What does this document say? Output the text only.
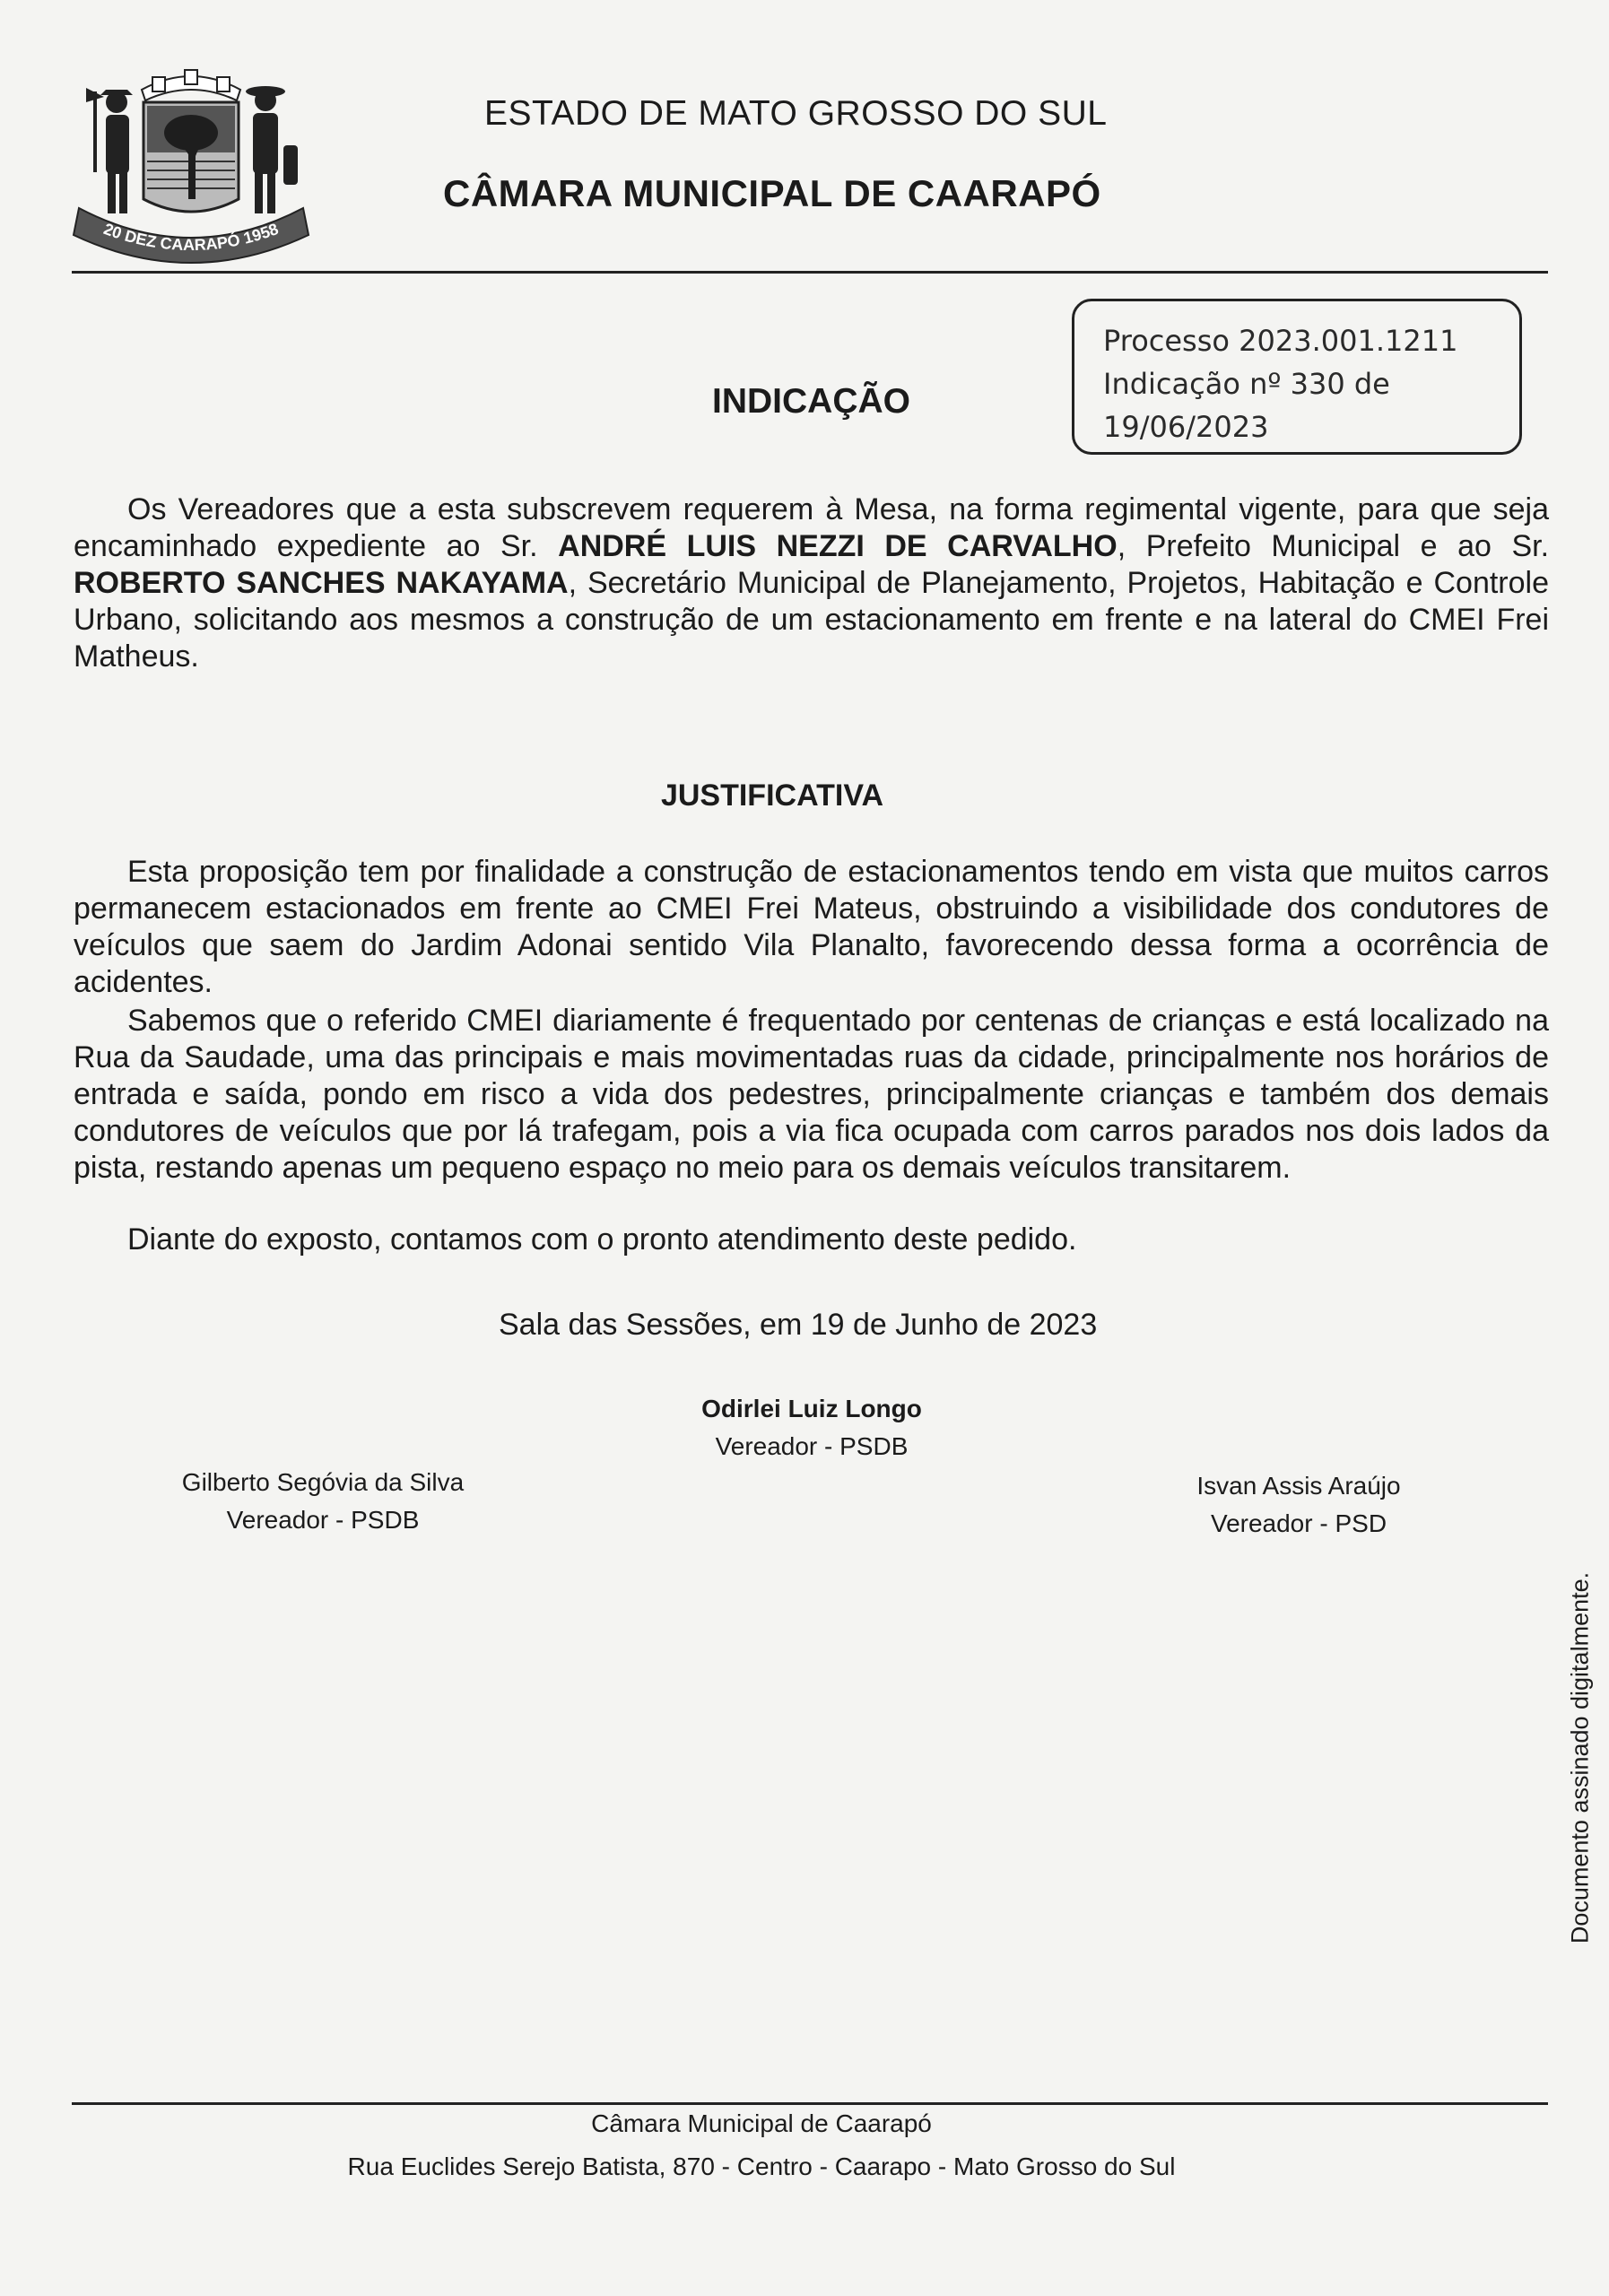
20 DEZ CAARAPÓ 1958
ESTADO DE MATO GROSSO DO SUL
CÂMARA MUNICIPAL DE CAARAPÓ
Processo 2023.001.1211
Indicação nº 330 de
19/06/2023
INDICAÇÃO
Os Vereadores que a esta subscrevem requerem à Mesa, na forma regimental vigente, para que seja encaminhado expediente ao Sr. ANDRÉ LUIS NEZZI DE CARVALHO, Prefeito Municipal e ao Sr. ROBERTO SANCHES NAKAYAMA, Secretário Municipal de Planejamento, Projetos, Habitação e Controle Urbano, solicitando aos mesmos a construção de um estacionamento em frente e na lateral do CMEI Frei Matheus.
JUSTIFICATIVA
Esta proposição tem por finalidade a construção de estacionamentos tendo em vista que muitos carros permanecem estacionados em frente ao CMEI Frei Mateus, obstruindo a visibilidade dos condutores de veículos que saem do Jardim Adonai sentido Vila Planalto, favorecendo dessa forma a ocorrência de acidentes.
Sabemos que o referido CMEI diariamente é frequentado por centenas de crianças e está localizado na Rua da Saudade, uma das principais e mais movimentadas ruas da cidade, principalmente nos horários de entrada e saída, pondo em risco a vida dos pedestres, principalmente crianças e também dos demais condutores de veículos que por lá trafegam, pois a via fica ocupada com carros parados nos dois lados da pista, restando apenas um pequeno espaço no meio para os demais veículos transitarem.
Diante do exposto, contamos com o pronto atendimento deste pedido.
Sala das Sessões, em 19 de Junho de 2023
Odirlei Luiz Longo
Vereador - PSDB
Gilberto Segóvia da Silva
Vereador - PSDB
Isvan Assis Araújo
Vereador - PSD
Documento assinado digitalmente.
Câmara Municipal de Caarapó
Rua Euclides Serejo Batista, 870 - Centro - Caarapo - Mato Grosso do Sul
